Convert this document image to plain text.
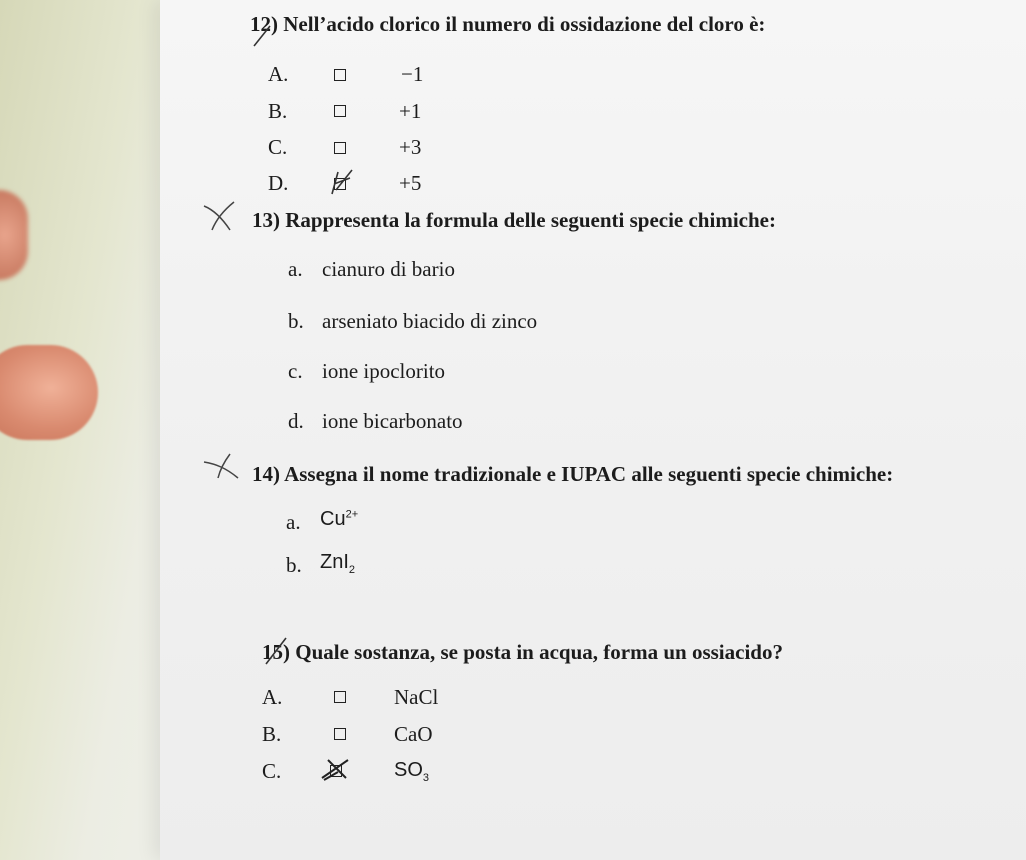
12) Nell’acido clorico il numero di ossidazione del cloro è:
A.	−1
B.	+1
C.	+3
D.	+5
13) Rappresenta la formula delle seguenti specie chimiche:
a. cianuro di bario
b. arseniato biacido di zinco
c. ione ipoclorito
d. ione bicarbonato
14) Assegna il nome tradizionale e IUPAC alle seguenti specie chimiche:
a. $Cu^{2+}$
b. ZnI$_2$
15) Quale sostanza, se posta in acqua, forma un ossiacido?
A.	NaCl
B.	CaO
C.	$SO_3$
